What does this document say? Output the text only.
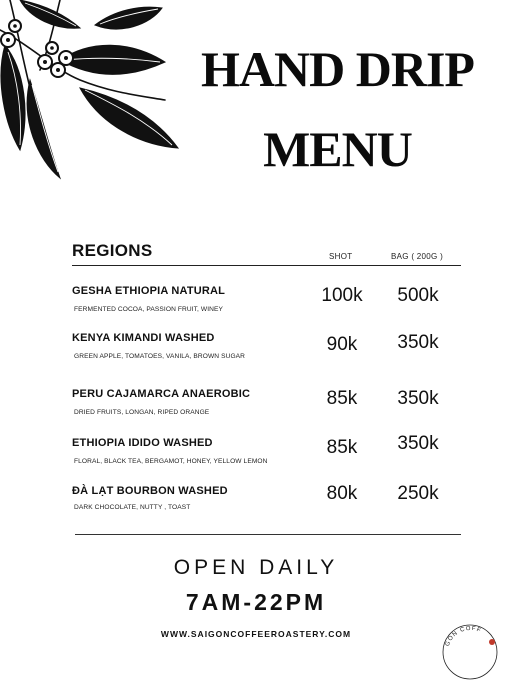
HAND DRIP
MENU
REGIONS	SHOT	BAG ( 200G )
GESHA ETHIOPIA NATURAL
FERMENTED COCOA, PASSION FRUIT, WINEY
100k	500k
KENYA KIMANDI WASHED
GREEN APPLE, TOMATOES, VANILA, BROWN SUGAR
90k	350k
PERU CAJAMARCA ANAEROBIC
DRIED FRUITS, LONGAN, RIPED ORANGE
85k	350k
ETHIOPIA IDIDO WASHED
FLORAL, BLACK TEA, BERGAMOT, HONEY, YELLOW LEMON
85k	350k
ĐÀ LẠT BOURBON WASHED
DARK CHOCOLATE, NUTTY , TOAST
80k	250k
OPEN DAILY
7AM-22PM
WWW.SAIGONCOFFEEROASTERY.COM
GON COFF
